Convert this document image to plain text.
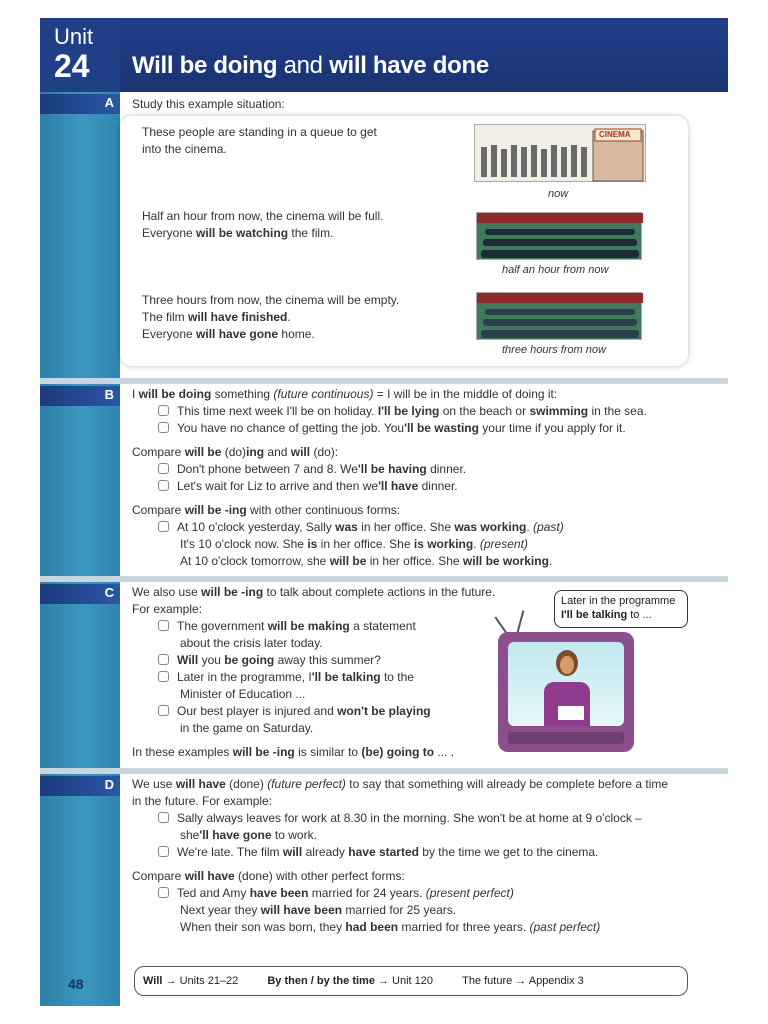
Unit
24 Will be doing and will have done
A Study this example situation:
These people are standing in a queue to get
into the cinema.
Half an hour from now, the cinema will be full.
Everyone will be watching the film.
Three hours from now, the cinema will be empty.
The film will have finished.
Everyone will have gone home.
CINEMA
now
half an hour from now
three hours from now
B I will be doing something (future continuous) = I will be in the middle of doing it:
This time next week I'll be on holiday. I'll be lying on the beach or swimming in the sea.
You have no chance of getting the job. You'll be wasting your time if you apply for it.
Compare will be (do)ing and will (do):
Don't phone between 7 and 8. We'll be having dinner.
Let's wait for Liz to arrive and then we'll have dinner.
Compare will be -ing with other continuous forms:
At 10 o'clock yesterday, Sally was in her office. She was working. (past)
It's 10 o'clock now. She is in her office. She is working. (present)
At 10 o'clock tomorrow, she will be in her office. She will be working.
C We also use will be -ing to talk about complete actions in the future.
For example:
The government will be making a statement
about the crisis later today.
Will you be going away this summer?
Later in the programme, I'll be talking to the
Minister of Education ...
Our best player is injured and won't be playing
in the game on Saturday.
In these examples will be -ing is similar to (be) going to ... .
Later in the programme
I'll be talking to ...
D We use will have (done) (future perfect) to say that something will already be complete before a time
in the future. For example:
Sally always leaves for work at 8.30 in the morning. She won't be at home at 9 o'clock –
she'll have gone to work.
We're late. The film will already have started by the time we get to the cinema.
Compare will have (done) with other perfect forms:
Ted and Amy have been married for 24 years. (present perfect)
Next year they will have been married for 25 years.
When their son was born, they had been married for three years. (past perfect)
48	Will → Units 21–22	By then / by the time → Unit 120	The future → Appendix 3
